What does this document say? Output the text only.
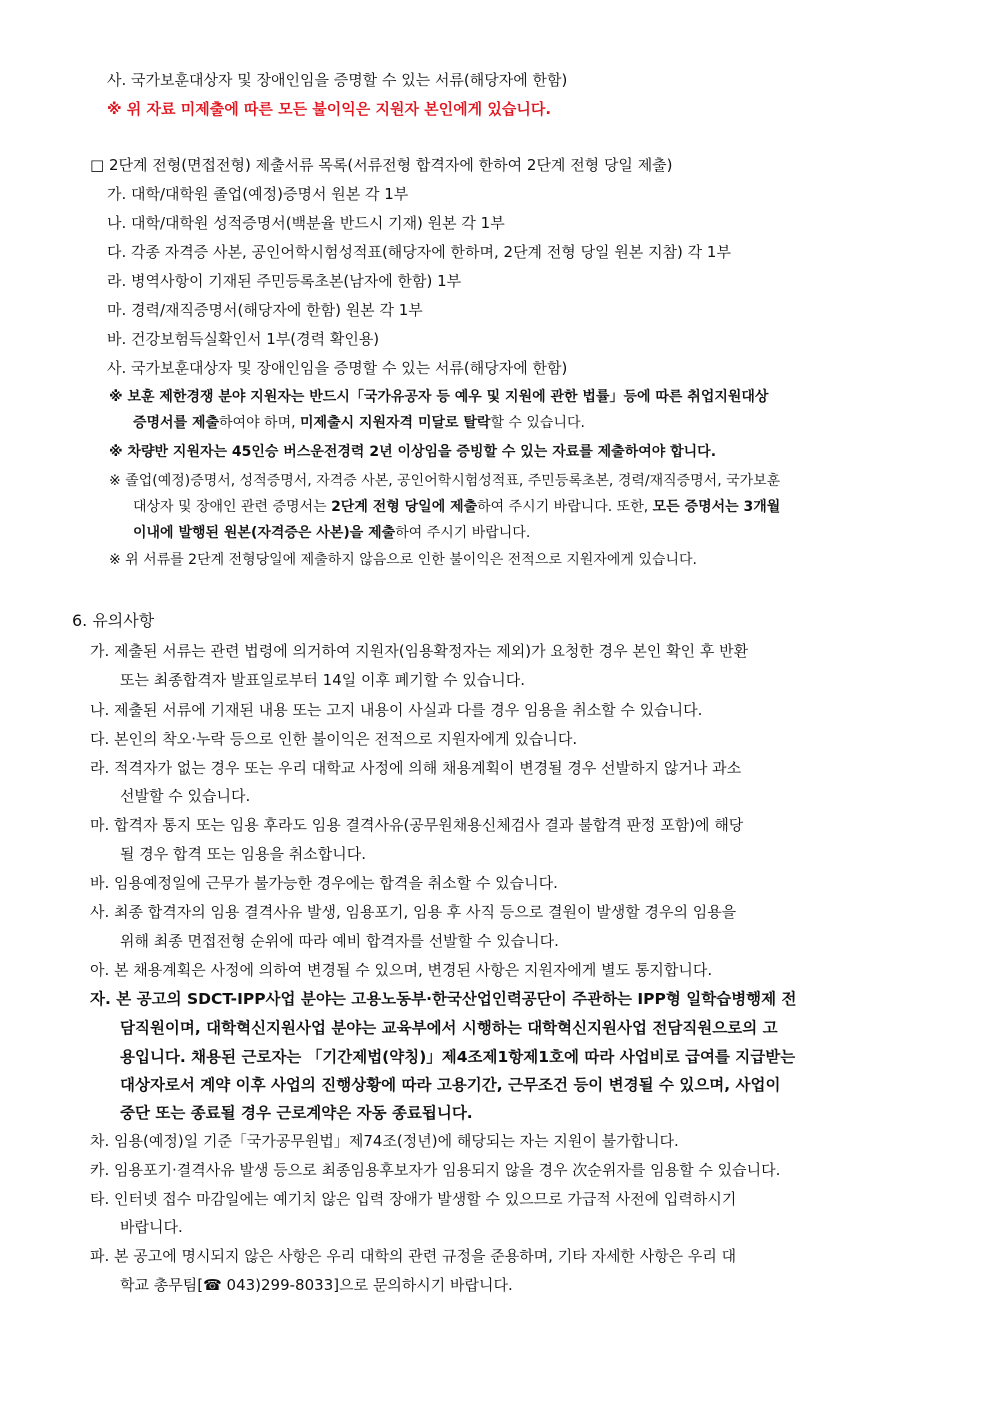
사. 국가보훈대상자 및 장애인임을 증명할 수 있는 서류(해당자에 한함)
※ 위 자료 미제출에 따른 모든 불이익은 지원자 본인에게 있습니다.
□ 2단계 전형(면접전형) 제출서류 목록(서류전형 합격자에 한하여 2단계 전형 당일 제출)
가. 대학/대학원 졸업(예정)증명서 원본 각 1부
나. 대학/대학원 성적증명서(백분율 반드시 기재) 원본 각 1부
다. 각종 자격증 사본, 공인어학시험성적표(해당자에 한하며, 2단계 전형 당일 원본 지참) 각 1부
라. 병역사항이 기재된 주민등록초본(남자에 한함) 1부
마. 경력/재직증명서(해당자에 한함) 원본 각 1부
바. 건강보험득실확인서 1부(경력 확인용)
사. 국가보훈대상자 및 장애인임을 증명할 수 있는 서류(해당자에 한함)
※ 보훈 제한경쟁 분야 지원자는 반드시「국가유공자 등 예우 및 지원에 관한 법률」등에 따른 취업지원대상
증명서를 제출하여야 하며, 미제출시 지원자격 미달로 탈락할 수 있습니다.
※ 차량반 지원자는 45인승 버스운전경력 2년 이상임을 증빙할 수 있는 자료를 제출하여야 합니다.
※ 졸업(예정)증명서, 성적증명서, 자격증 사본, 공인어학시험성적표, 주민등록초본, 경력/재직증명서, 국가보훈
대상자 및 장애인 관련 증명서는 2단계 전형 당일에 제출하여 주시기 바랍니다. 또한, 모든 증명서는 3개월
이내에 발행된 원본(자격증은 사본)을 제출하여 주시기 바랍니다.
※ 위 서류를 2단계 전형당일에 제출하지 않음으로 인한 불이익은 전적으로 지원자에게 있습니다.
6. 유의사항
가. 제출된 서류는 관련 법령에 의거하여 지원자(임용확정자는 제외)가 요청한 경우 본인 확인 후 반환
또는 최종합격자 발표일로부터 14일 이후 폐기할 수 있습니다.
나. 제출된 서류에 기재된 내용 또는 고지 내용이 사실과 다를 경우 임용을 취소할 수 있습니다.
다. 본인의 착오·누락 등으로 인한 불이익은 전적으로 지원자에게 있습니다.
라. 적격자가 없는 경우 또는 우리 대학교 사정에 의해 채용계획이 변경될 경우 선발하지 않거나 과소
선발할 수 있습니다.
마. 합격자 통지 또는 임용 후라도 임용 결격사유(공무원채용신체검사 결과 불합격 판정 포함)에 해당
될 경우 합격 또는 임용을 취소합니다.
바. 임용예정일에 근무가 불가능한 경우에는 합격을 취소할 수 있습니다.
사. 최종 합격자의 임용 결격사유 발생, 임용포기, 임용 후 사직 등으로 결원이 발생할 경우의 임용을
위해 최종 면접전형 순위에 따라 예비 합격자를 선발할 수 있습니다.
아. 본 채용계획은 사정에 의하여 변경될 수 있으며, 변경된 사항은 지원자에게 별도 통지합니다.
자. 본 공고의 SDCT-IPP사업 분야는 고용노동부·한국산업인력공단이 주관하는 IPP형 일학습병행제 전
담직원이며, 대학혁신지원사업 분야는 교육부에서 시행하는 대학혁신지원사업 전담직원으로의 고
용입니다. 채용된 근로자는 「기간제법(약칭)」제4조제1항제1호에 따라 사업비로 급여를 지급받는
대상자로서 계약 이후 사업의 진행상황에 따라 고용기간, 근무조건 등이 변경될 수 있으며, 사업이
중단 또는 종료될 경우 근로계약은 자동 종료됩니다.
차. 임용(예정)일 기준「국가공무원법」제74조(정년)에 해당되는 자는 지원이 불가합니다.
카. 임용포기·결격사유 발생 등으로 최종임용후보자가 임용되지 않을 경우 次순위자를 임용할 수 있습니다.
타. 인터넷 접수 마감일에는 예기치 않은 입력 장애가 발생할 수 있으므로 가급적 사전에 입력하시기
바랍니다.
파. 본 공고에 명시되지 않은 사항은 우리 대학의 관련 규정을 준용하며, 기타 자세한 사항은 우리 대
학교 총무팀[☎ 043)299-8033]으로 문의하시기 바랍니다.
